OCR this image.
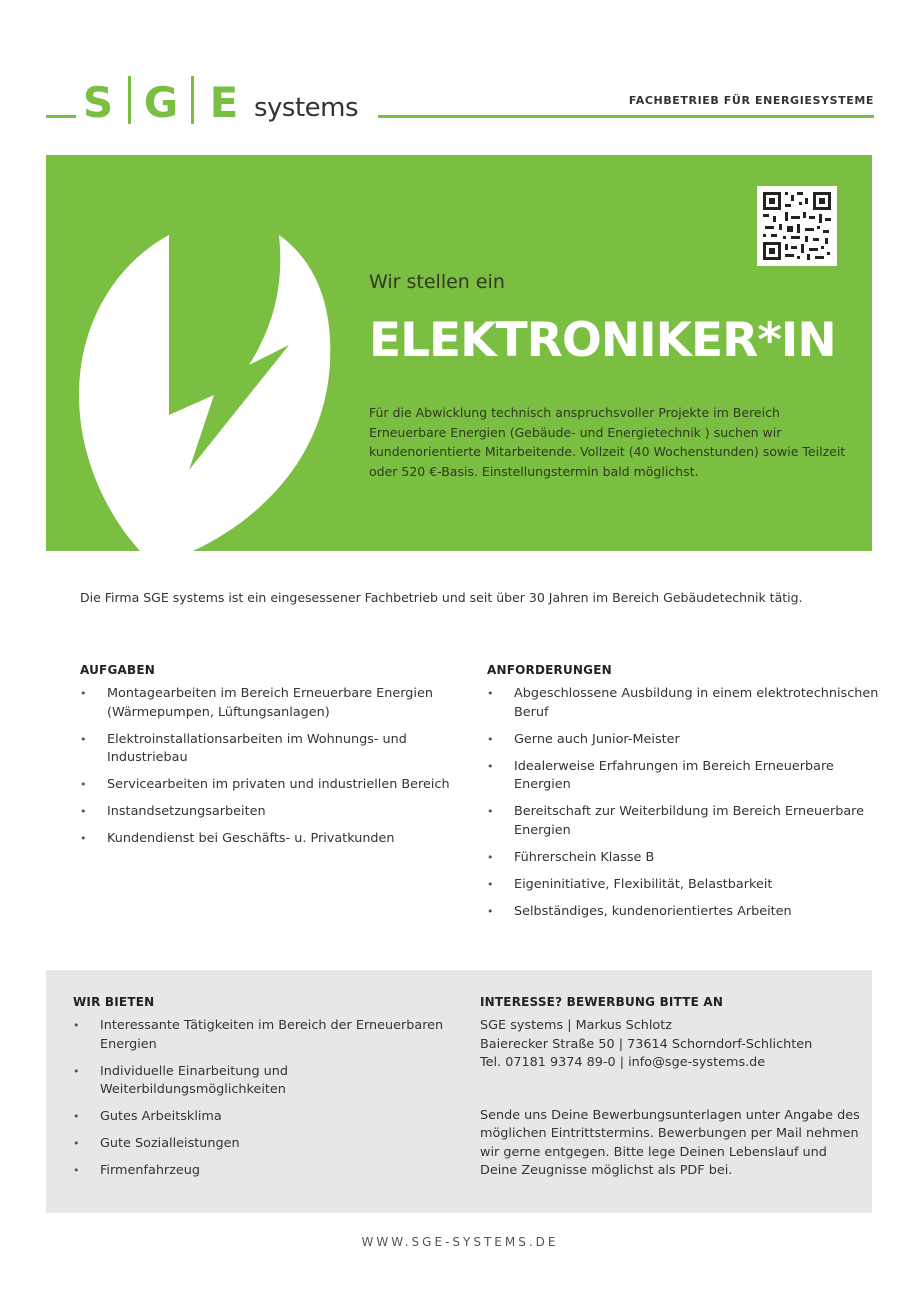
S G E systems	FACHBETRIEB FÜR ENERGIESYSTEME
Wir stellen ein
ELEKTRONIKER*IN
Für die Abwicklung technisch anspruchsvoller Projekte im Bereich Erneuerbare Energien (Gebäude- und Energietechnik ) suchen wir kundenorientierte Mitarbeitende. Vollzeit (40 Wochenstunden) sowie Teilzeit oder 520 €-Basis. Einstellungstermin bald möglichst.
Die Firma SGE systems ist ein eingesessener Fachbetrieb und seit über 30 Jahren im Bereich Gebäudetechnik tätig.
AUFGABEN
• Montagearbeiten im Bereich Erneuerbare Energien (Wärmepumpen, Lüftungsanlagen)
• Elektroinstallationsarbeiten im Wohnungs- und Industriebau
• Servicearbeiten im privaten und industriellen Bereich
• Instandsetzungsarbeiten
• Kundendienst bei Geschäfts- u. Privatkunden
ANFORDERUNGEN
• Abgeschlossene Ausbildung in einem elektrotechnischen Beruf
• Gerne auch Junior-Meister
• Idealerweise Erfahrungen im Bereich Erneuerbare Energien
• Bereitschaft zur Weiterbildung im Bereich Erneuerbare Energien
• Führerschein Klasse B
• Eigeninitiative, Flexibilität, Belastbarkeit
• Selbständiges, kundenorientiertes Arbeiten
WIR BIETEN
• Interessante Tätigkeiten im Bereich der Erneuerbaren Energien
• Individuelle Einarbeitung und Weiterbildungsmöglichkeiten
• Gutes Arbeitsklima
• Gute Sozialleistungen
• Firmenfahrzeug
INTERESSE? BEWERBUNG BITTE AN
SGE systems | Markus Schlotz
Baierecker Straße 50 | 73614 Schorndorf-Schlichten
Tel. 07181 9374 89-0 | info@sge-systems.de
Sende uns Deine Bewerbungsunterlagen unter Angabe des möglichen Eintrittstermins. Bewerbungen per Mail nehmen wir gerne entgegen. Bitte lege Deinen Lebenslauf und Deine Zeugnisse möglichst als PDF bei.
WWW.SGE-SYSTEMS.DE
